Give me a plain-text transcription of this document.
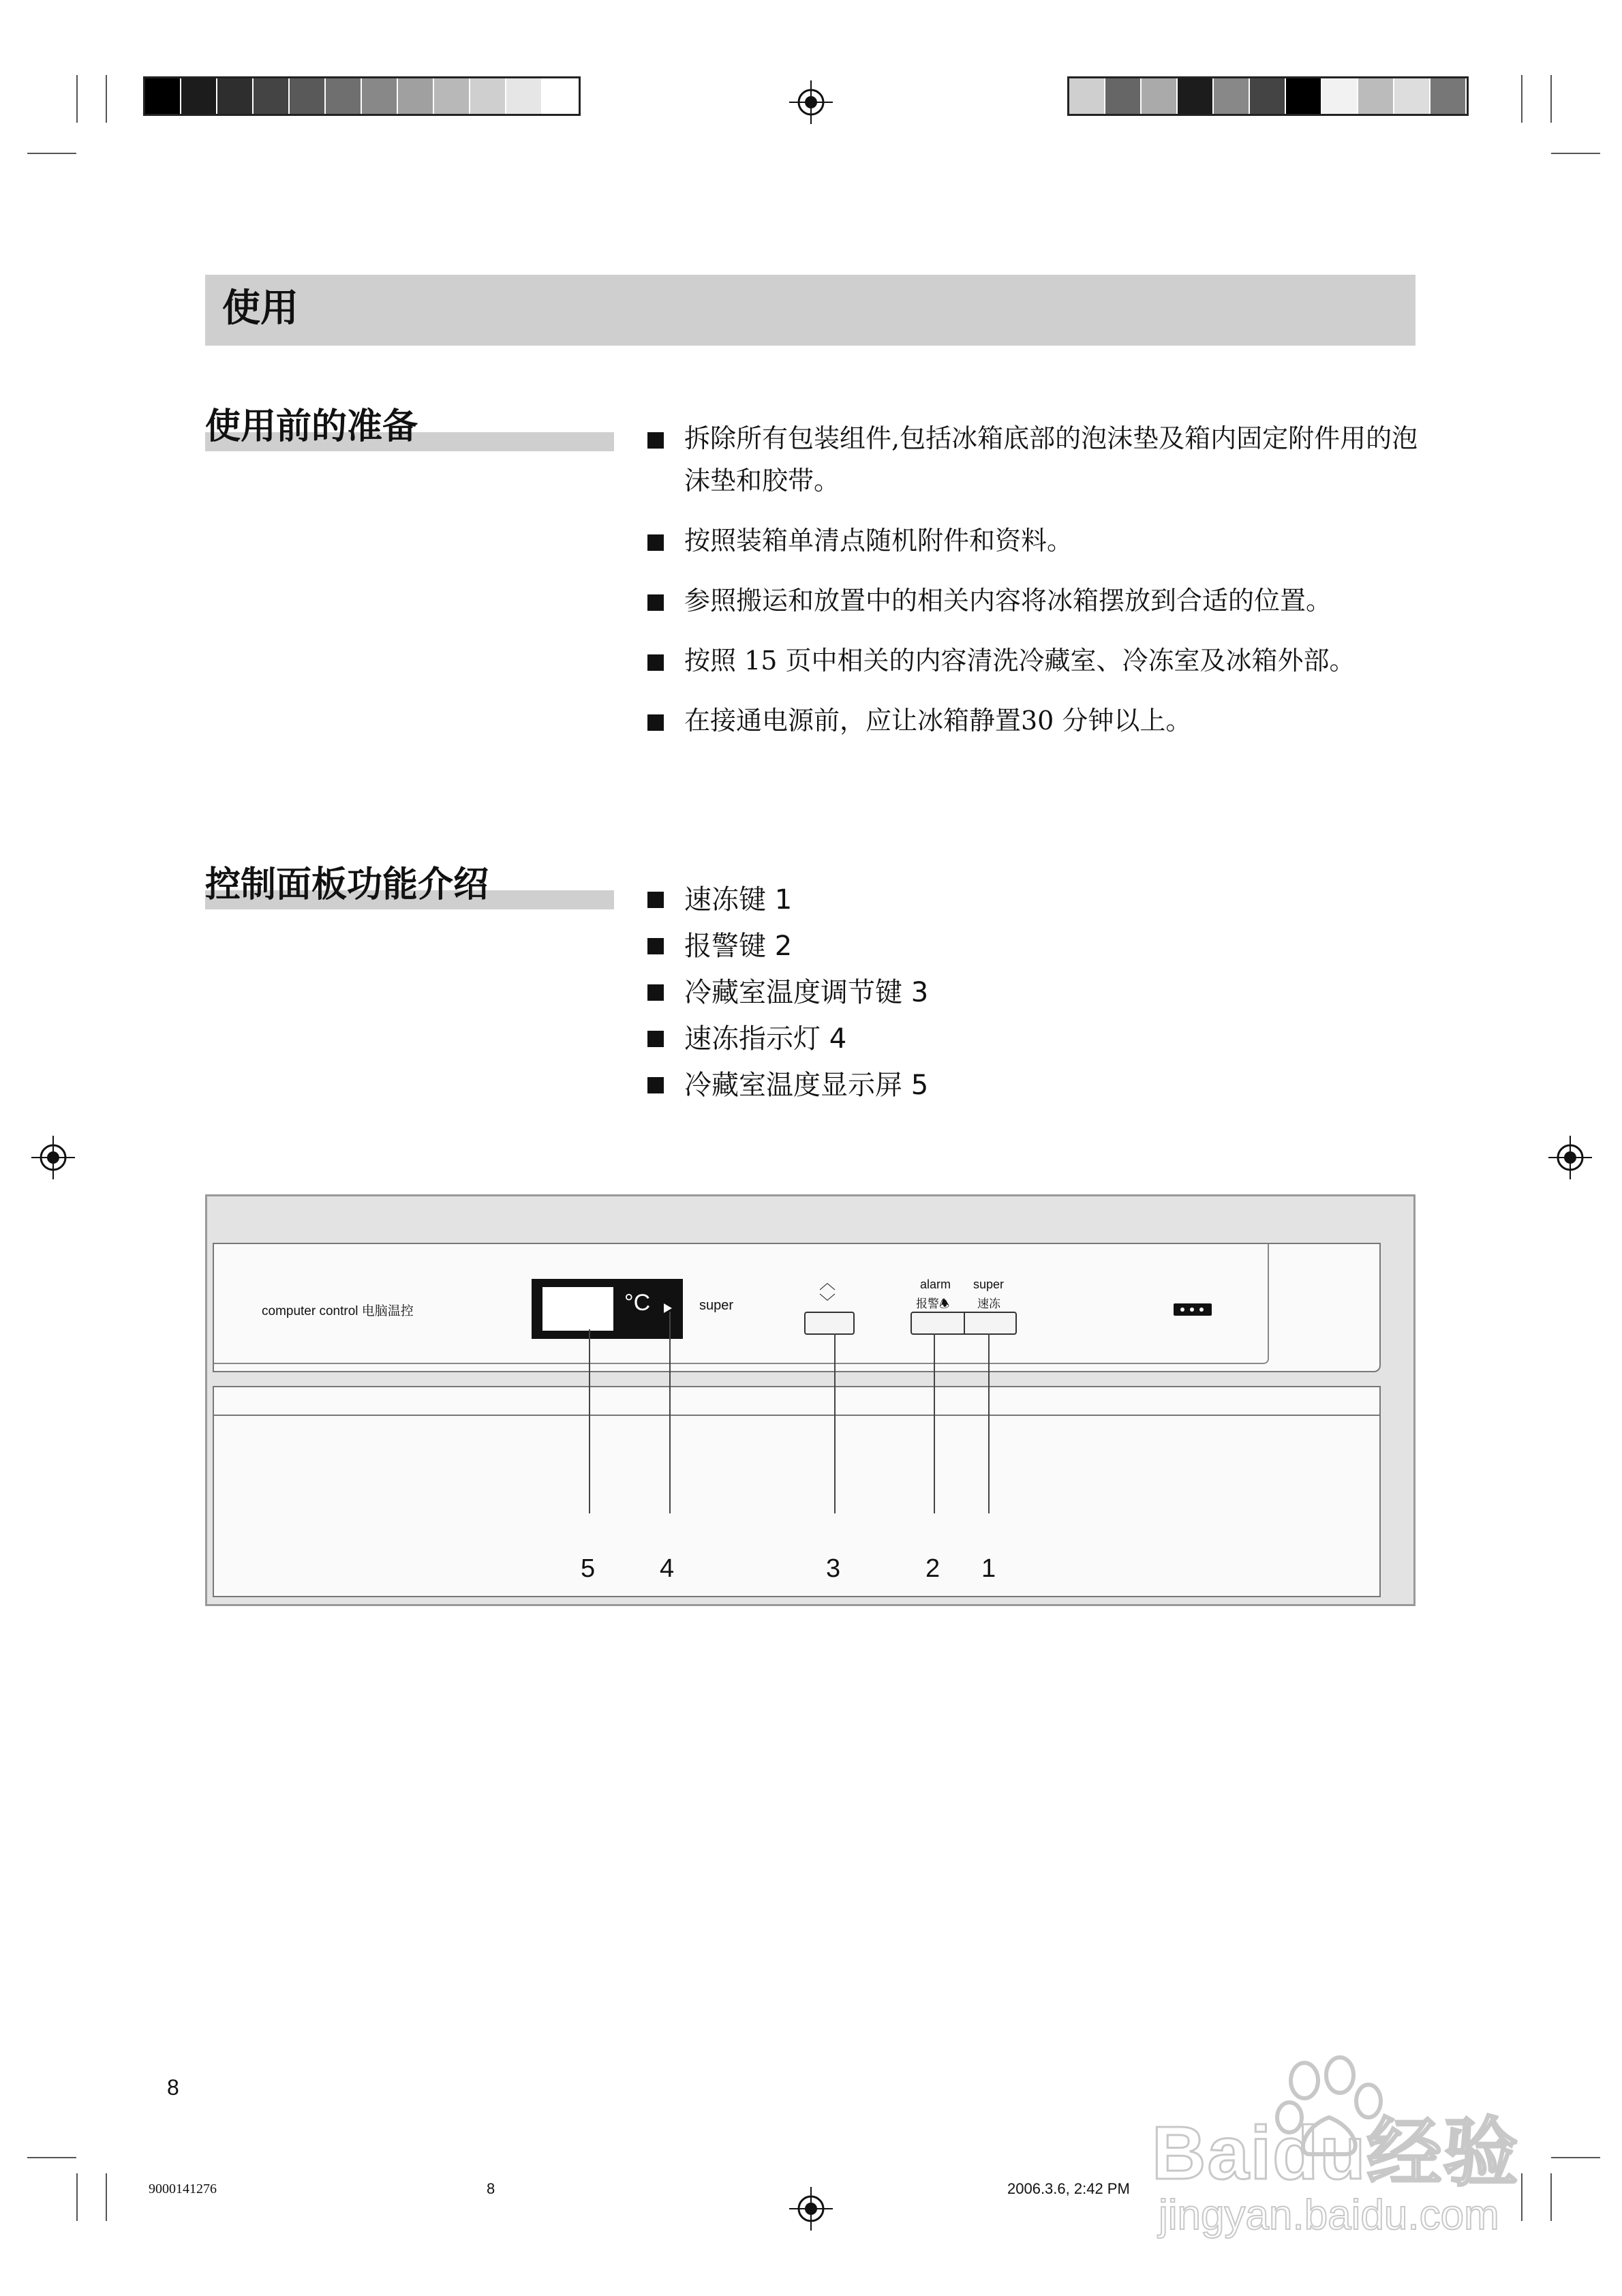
使用
使用前的准备	拆除所有包装组件,包括冰箱底部的泡沫垫及箱内固定附件用的泡沫垫和胶带。
按照装箱单清点随机附件和资料。
参照搬运和放置中的相关内容将冰箱摆放到合适的位置。
按照 15 页中相关的内容清洗冷藏室、冷冻室及冰箱外部。
在接通电源前，应让冰箱静置30 分钟以上。
控制面板功能介绍	速冻键 1
报警键 2
冷藏室温度调节键 3
速冻指示灯 4
冷藏室温度显示屏 5
computer control 电脑温控	°C	super
︿
﹀
alarm
报警🕭
super
速冻
5 4	3	2 1
8
9000141276	8	2006.3.6, 2:42 PM Baidu经验
jingyan.baidu.com
